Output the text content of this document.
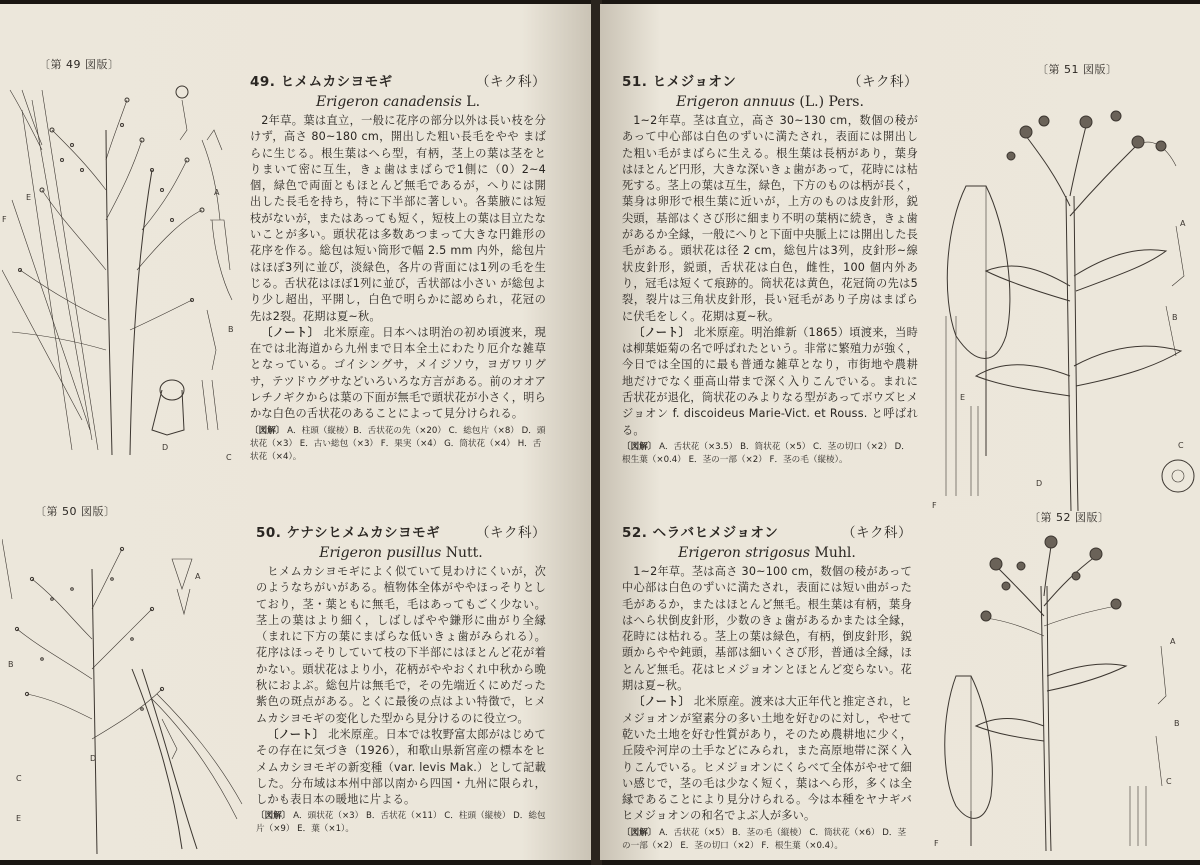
〔第 49 図版〕
A
B
C
D
E
F
49. ヒメムカシヨモギ	（キク科）
Erigeron canadensis L.

2年草。葉は直立，一般に花序の部分以外は長い枝を分けず，高さ 80~180 cm，開出した粗い長毛をやや まばらに生じる。根生葉はへら型，有柄，茎上の葉は茎をとりまいて密に互生，きょ歯はまばらで1側に（0）2~4個，緑色で両面ともほとんど無毛であるが，へりには開出した長毛を持ち，特に下半部に著しい。各葉腋には短枝がないが，またはあっても短く，短枝上の葉は目立たないことが多い。頭状花は多数あつまって大きな円錐形の花序を作る。総包は短い筒形で幅 2.5 mm 内外，総包片はほぼ3列に並び，淡緑色，各片の背面には1列の毛を生じる。舌状花はほぼ1列に並び，舌状部は小さい が総包より少し超出，平開し，白色で明らかに認められ，花冠の先は2裂。花期は夏~秋。

〔ノート〕 北米原産。日本へは明治の初め頃渡来，現在では北海道から九州まで日本全土にわたり厄介な雑草となっている。ゴイシングサ，メイジソウ，ヨガワリグサ，テツドウグサなどいろいろな方言がある。前のオオアレチノギクからは葉の下面が無毛で頭状花が小さく，明らかな白色の舌状花のあることによって見分けられる。

〔図解〕 A．柱頭（縦棱）B．舌状花の先（×20） C．総包片（×8） D．頭状花（×3） E．古い総包（×3） F．果実（×4） G．筒状花（×4） H．舌状花（×4）。
〔第 50 図版〕
A
B
C
D
E
50. ケナシヒメムカシヨモギ	（キク科）
Erigeron pusillus Nutt.

ヒメムカシヨモギによく似ていて見わけにくいが，次のようなちがいがある。植物体全体がややほっそりとしており，茎・葉ともに無毛，毛はあってもごく少ない。茎上の葉はより細く，しばしばやや鎌形に曲がり全縁（まれに下方の葉にまばらな低いきょ歯がみられる）。花序はほっそりしていて枝の下半部にはほとんど花が着かない。頭状花はより小，花柄がややおくれ中秋から晩秋におよぶ。総包片は無毛で，その先端近くにめだった紫色の斑点がある。とくに最後の点はよい特徴で，ヒメムカシヨモギの変化した型から見分けるのに役立つ。

〔ノート〕 北米原産。日本では牧野富太郎がはじめてその存在に気づき（1926），和歌山県新宮産の標本をヒメムカシヨモギの新変種（var. levis Mak.）として記載した。分布域は本州中部以南から四国・九州に限られ，しかも表日本の暖地に片よる。

〔図解〕 A．頭状花（×3） B．舌状花（×11） C．柱頭（縦棱） D．総包片（×9） E．葉（×1）。
51. ヒメジョオン	（キク科）
Erigeron annuus (L.) Pers.

1~2年草。茎は直立，高さ 30~130 cm，数個の稜があって中心部は白色のずいに満たされ，表面には開出した粗い毛がまばらに生える。根生葉は長柄があり，葉身はほとんど円形，大きな深いきょ歯があって，花時には枯死する。茎上の葉は互生，緑色，下方のものは柄が長く，葉身は卵形で根生葉に近いが，上方のものは皮針形，鋭尖頭，基部はくさび形に細まり不明の葉柄に続き，きょ歯があるか全縁，一般にへりと下面中央脈上には開出した長毛がある。頭状花は径 2 cm，総包片は3列，皮針形~線状皮針形，鋭頭，舌状花は白色，雌性，100 個内外あり，冠毛は短くて痕跡的。筒状花は黄色，花冠筒の先は5裂，裂片は三角状皮針形，長い冠毛があり子房はまばらに伏毛をしく。花期は夏~秋。

〔ノート〕 北米原産。明治維新（1865）頃渡来，当時は柳葉姫菊の名で呼ばれたという。非常に繁殖力が強く，今日では全国的に最も普通な雑草となり，市街地や農耕地だけでなく亜高山帯まで深く入りこんでいる。まれに舌状花が退化，筒状花のみよりなる型があってボウズヒメジョオン f. discoideus Marie-Vict. et Rouss. と呼ばれる。

〔図解〕 A．舌状花（×3.5） B．筒状花（×5） C．茎の切口（×2） D．根生葉（×0.4） E．茎の一部（×2） F．茎の毛（縦棱）。
〔第 51 図版〕
A
B
C
D
E
F
〔第 52 図版〕
52. ヘラバヒメジョオン	（キク科）
Erigeron strigosus Muhl.

1~2年草。茎は高さ 30~100 cm，数個の稜があって中心部は白色のずいに満たされ，表面には短い曲がった毛があるか，またはほとんど無毛。根生葉は有柄，葉身はへら状倒皮針形，少数のきょ歯があるかまたは全縁，花時には枯れる。茎上の葉は緑色，有柄，倒皮針形，鋭頭からやや鈍頭，基部は細いくさび形，普通は全縁，ほとんど無毛。花はヒメジョオンとほとんど変らない。花期は夏~秋。

〔ノート〕 北米原産。渡来は大正年代と推定され，ヒメジョオンが窒素分の多い土地を好むのに対し，やせて乾いた土地を好む性質があり，そのため農耕地に少く，丘陵や河岸の土手などにみられ，また高原地帯に深く入りこんでいる。ヒメジョオンにくらべて全体がやせて細い感じで，茎の毛は少なく短く，葉はへら形，多くは全縁であることにより見分けられる。今は本種をヤナギバヒメジョオンの和名でよぶ人が多い。

〔図解〕 A．舌状花（×5） B．茎の毛（縦棱） C．筒状花（×6） D．茎の一部（×2） E．茎の切口（×2） F．根生葉（×0.4）。
A
B
C
F
